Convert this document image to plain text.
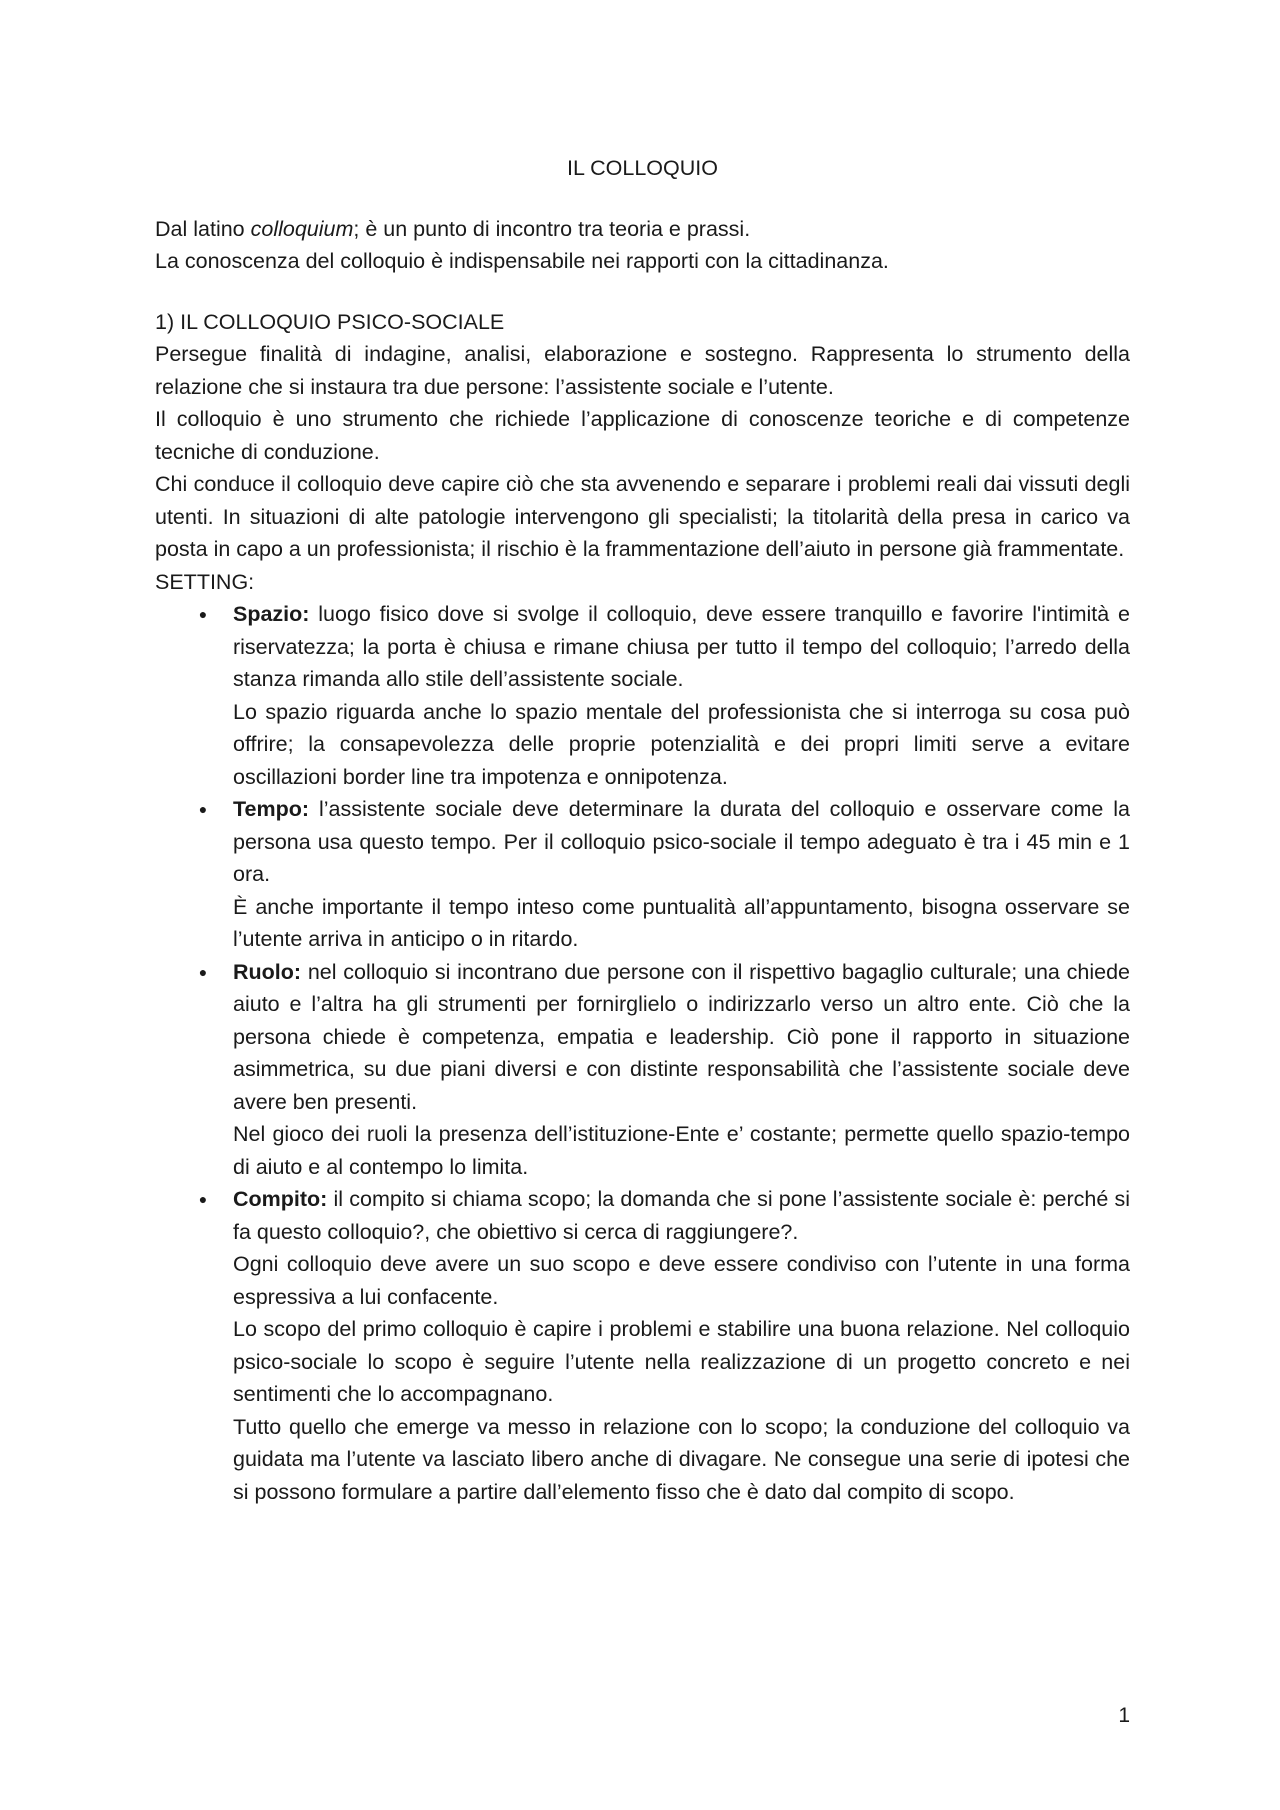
IL COLLOQUIO

Dal latino colloquium; è un punto di incontro tra teoria e prassi.

La conoscenza del colloquio è indispensabile nei rapporti con la cittadinanza.

1) IL COLLOQUIO PSICO-SOCIALE

Persegue finalità di indagine, analisi, elaborazione e sostegno. Rappresenta lo strumento della relazione che si instaura tra due persone: l’assistente sociale e l’utente.

Il colloquio è uno strumento che richiede l’applicazione di conoscenze teoriche e di competenze tecniche di conduzione.

Chi conduce il colloquio deve capire ciò che sta avvenendo e separare i problemi reali dai vissuti degli utenti. In situazioni di alte patologie intervengono gli specialisti; la titolarità della presa in carico va posta in capo a un professionista; il rischio è la frammentazione dell’aiuto in persone già frammentate.

SETTING:

● Spazio: luogo fisico dove si svolge il colloquio, deve essere tranquillo e favorire l'intimità e riservatezza; la porta è chiusa e rimane chiusa per tutto il tempo del colloquio; l’arredo della stanza rimanda allo stile dell’assistente sociale.

Lo spazio riguarda anche lo spazio mentale del professionista che si interroga su cosa può offrire; la consapevolezza delle proprie potenzialità e dei propri limiti serve a evitare oscillazioni border line tra impotenza e onnipotenza.

● Tempo: l’assistente sociale deve determinare la durata del colloquio e osservare come la persona usa questo tempo. Per il colloquio psico-sociale il tempo adeguato è tra i 45 min e 1 ora.

È anche importante il tempo inteso come puntualità all’appuntamento, bisogna osservare se l’utente arriva in anticipo o in ritardo.

● Ruolo: nel colloquio si incontrano due persone con il rispettivo bagaglio culturale; una chiede aiuto e l’altra ha gli strumenti per fornirglielo o indirizzarlo verso un altro ente. Ciò che la persona chiede è competenza, empatia e leadership. Ciò pone il rapporto in situazione asimmetrica, su due piani diversi e con distinte responsabilità che l’assistente sociale deve avere ben presenti.

Nel gioco dei ruoli la presenza dell’istituzione-Ente e’ costante; permette quello spazio-tempo di aiuto e al contempo lo limita.

● Compito: il compito si chiama scopo; la domanda che si pone l’assistente sociale è: perché si fa questo colloquio?, che obiettivo si cerca di raggiungere?.

Ogni colloquio deve avere un suo scopo e deve essere condiviso con l’utente in una forma espressiva a lui confacente.

Lo scopo del primo colloquio è capire i problemi e stabilire una buona relazione. Nel colloquio psico-sociale lo scopo è seguire l’utente nella realizzazione di un progetto concreto e nei sentimenti che lo accompagnano.

Tutto quello che emerge va messo in relazione con lo scopo; la conduzione del colloquio va guidata ma l’utente va lasciato libero anche di divagare. Ne consegue una serie di ipotesi che si possono formulare a partire dall’elemento fisso che è dato dal compito di scopo.

1
